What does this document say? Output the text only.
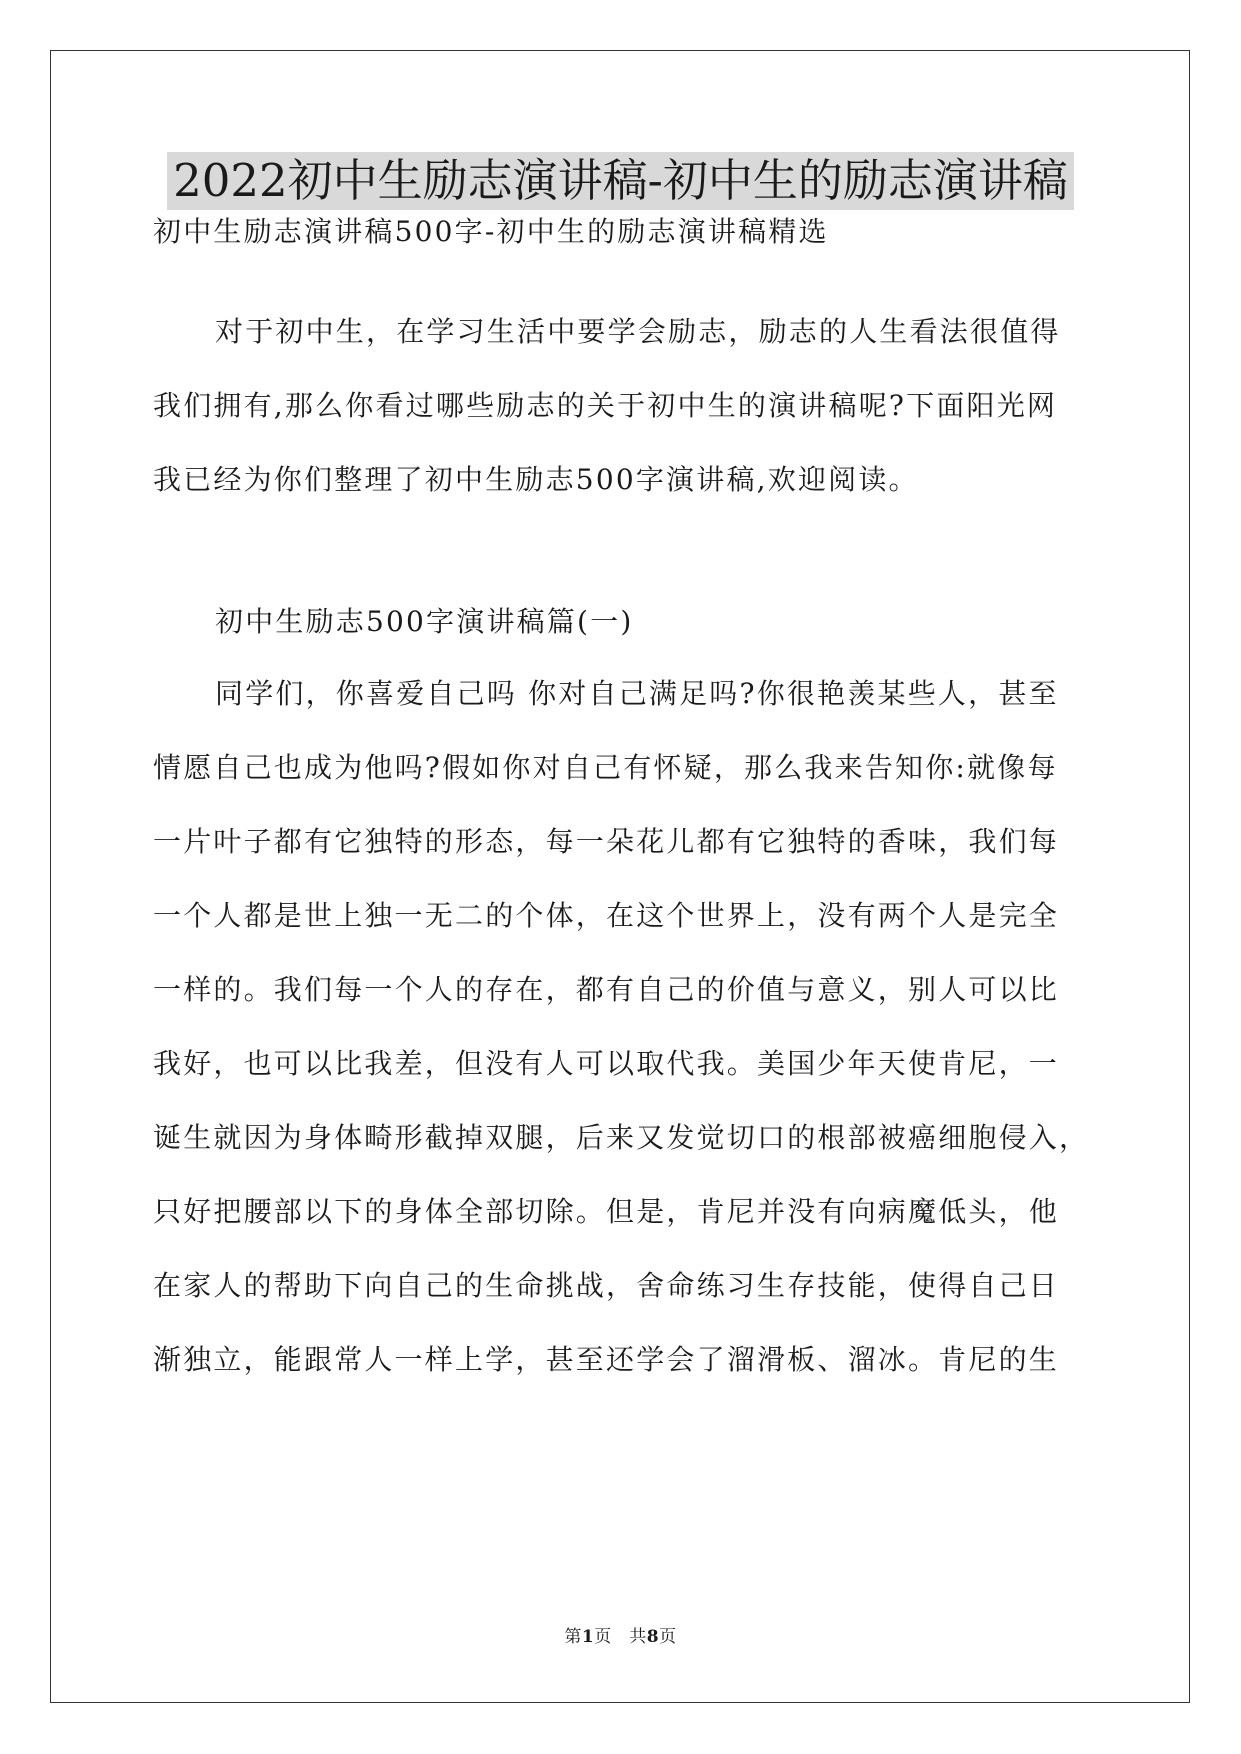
2022初中生励志演讲稿-初中生的励志演讲稿
初中生励志演讲稿500字-初中生的励志演讲稿精选
对于初中生，在学习生活中要学会励志，励志的人生看法很值得
我们拥有,那么你看过哪些励志的关于初中生的演讲稿呢?下面阳光网
我已经为你们整理了初中生励志500字演讲稿,欢迎阅读。
初中生励志500字演讲稿篇(一)
同学们，你喜爱自己吗 你对自己满足吗?你很艳羡某些人，甚至
情愿自己也成为他吗?假如你对自己有怀疑，那么我来告知你:就像每
一片叶子都有它独特的形态，每一朵花儿都有它独特的香味，我们每
一个人都是世上独一无二的个体，在这个世界上，没有两个人是完全
一样的。我们每一个人的存在，都有自己的价值与意义，别人可以比
我好，也可以比我差，但没有人可以取代我。美国少年天使肯尼，一
诞生就因为身体畸形截掉双腿，后来又发觉切口的根部被癌细胞侵入，
只好把腰部以下的身体全部切除。但是，肯尼并没有向病魔低头，他
在家人的帮助下向自己的生命挑战，舍命练习生存技能，使得自己日
渐独立，能跟常人一样上学，甚至还学会了溜滑板、溜冰。肯尼的生
第1页　共8页
